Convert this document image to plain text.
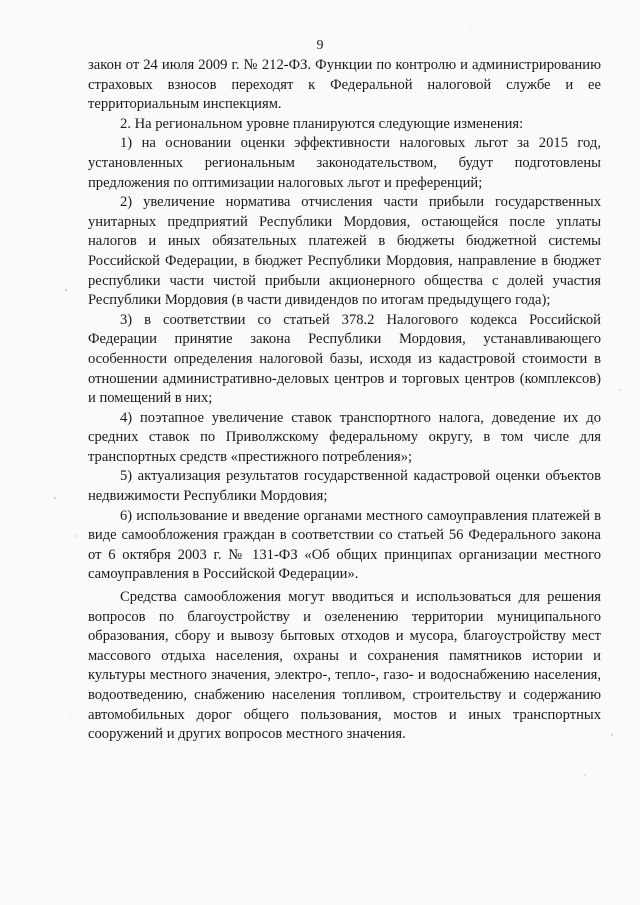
9

закон от 24 июля 2009 г. № 212-ФЗ. Функции по контролю и администрированию страховых взносов переходят к Федеральной налоговой службе и ее территориальным инспекциям.

2. На региональном уровне планируются следующие изменения:

1) на основании оценки эффективности налоговых льгот за 2015 год, установленных региональным законодательством, будут подготовлены предложения по оптимизации налоговых льгот и преференций;

2) увеличение норматива отчисления части прибыли государственных унитарных предприятий Республики Мордовия, остающейся после уплаты налогов и иных обязательных платежей в бюджеты бюджетной системы Российской Федерации, в бюджет Республики Мордовия, направление в бюджет республики части чистой прибыли акционерного общества с долей участия Республики Мордовия (в части дивидендов по итогам предыдущего года);

3) в соответствии со статьей 378.2 Налогового кодекса Российской Федерации принятие закона Республики Мордовия, устанавливающего особенности определения налоговой базы, исходя из кадастровой стоимости в отношении административно-деловых центров и торговых центров (комплексов) и помещений в них;

4) поэтапное увеличение ставок транспортного налога, доведение их до средних ставок по Приволжскому федеральному округу, в том числе для транспортных средств «престижного потребления»;

5) актуализация результатов государственной кадастровой оценки объектов недвижимости Республики Мордовия;

6) использование и введение органами местного самоуправления платежей в виде самообложения граждан в соответствии со статьей 56 Федерального закона от 6 октября 2003 г. № 131-ФЗ «Об общих принципах организации местного самоуправления в Российской Федерации».

Средства самообложения могут вводиться и использоваться для решения вопросов по благоустройству и озеленению территории муниципального образования, сбору и вывозу бытовых отходов и мусора, благоустройству мест массового отдыха населения, охраны и сохранения памятников истории и культуры местного значения, электро-, тепло-, газо- и водоснабжению населения, водоотведению, снабжению населения топливом, строительству и содержанию автомобильных дорог общего пользования, мостов и иных транспортных сооружений и других вопросов местного значения.
